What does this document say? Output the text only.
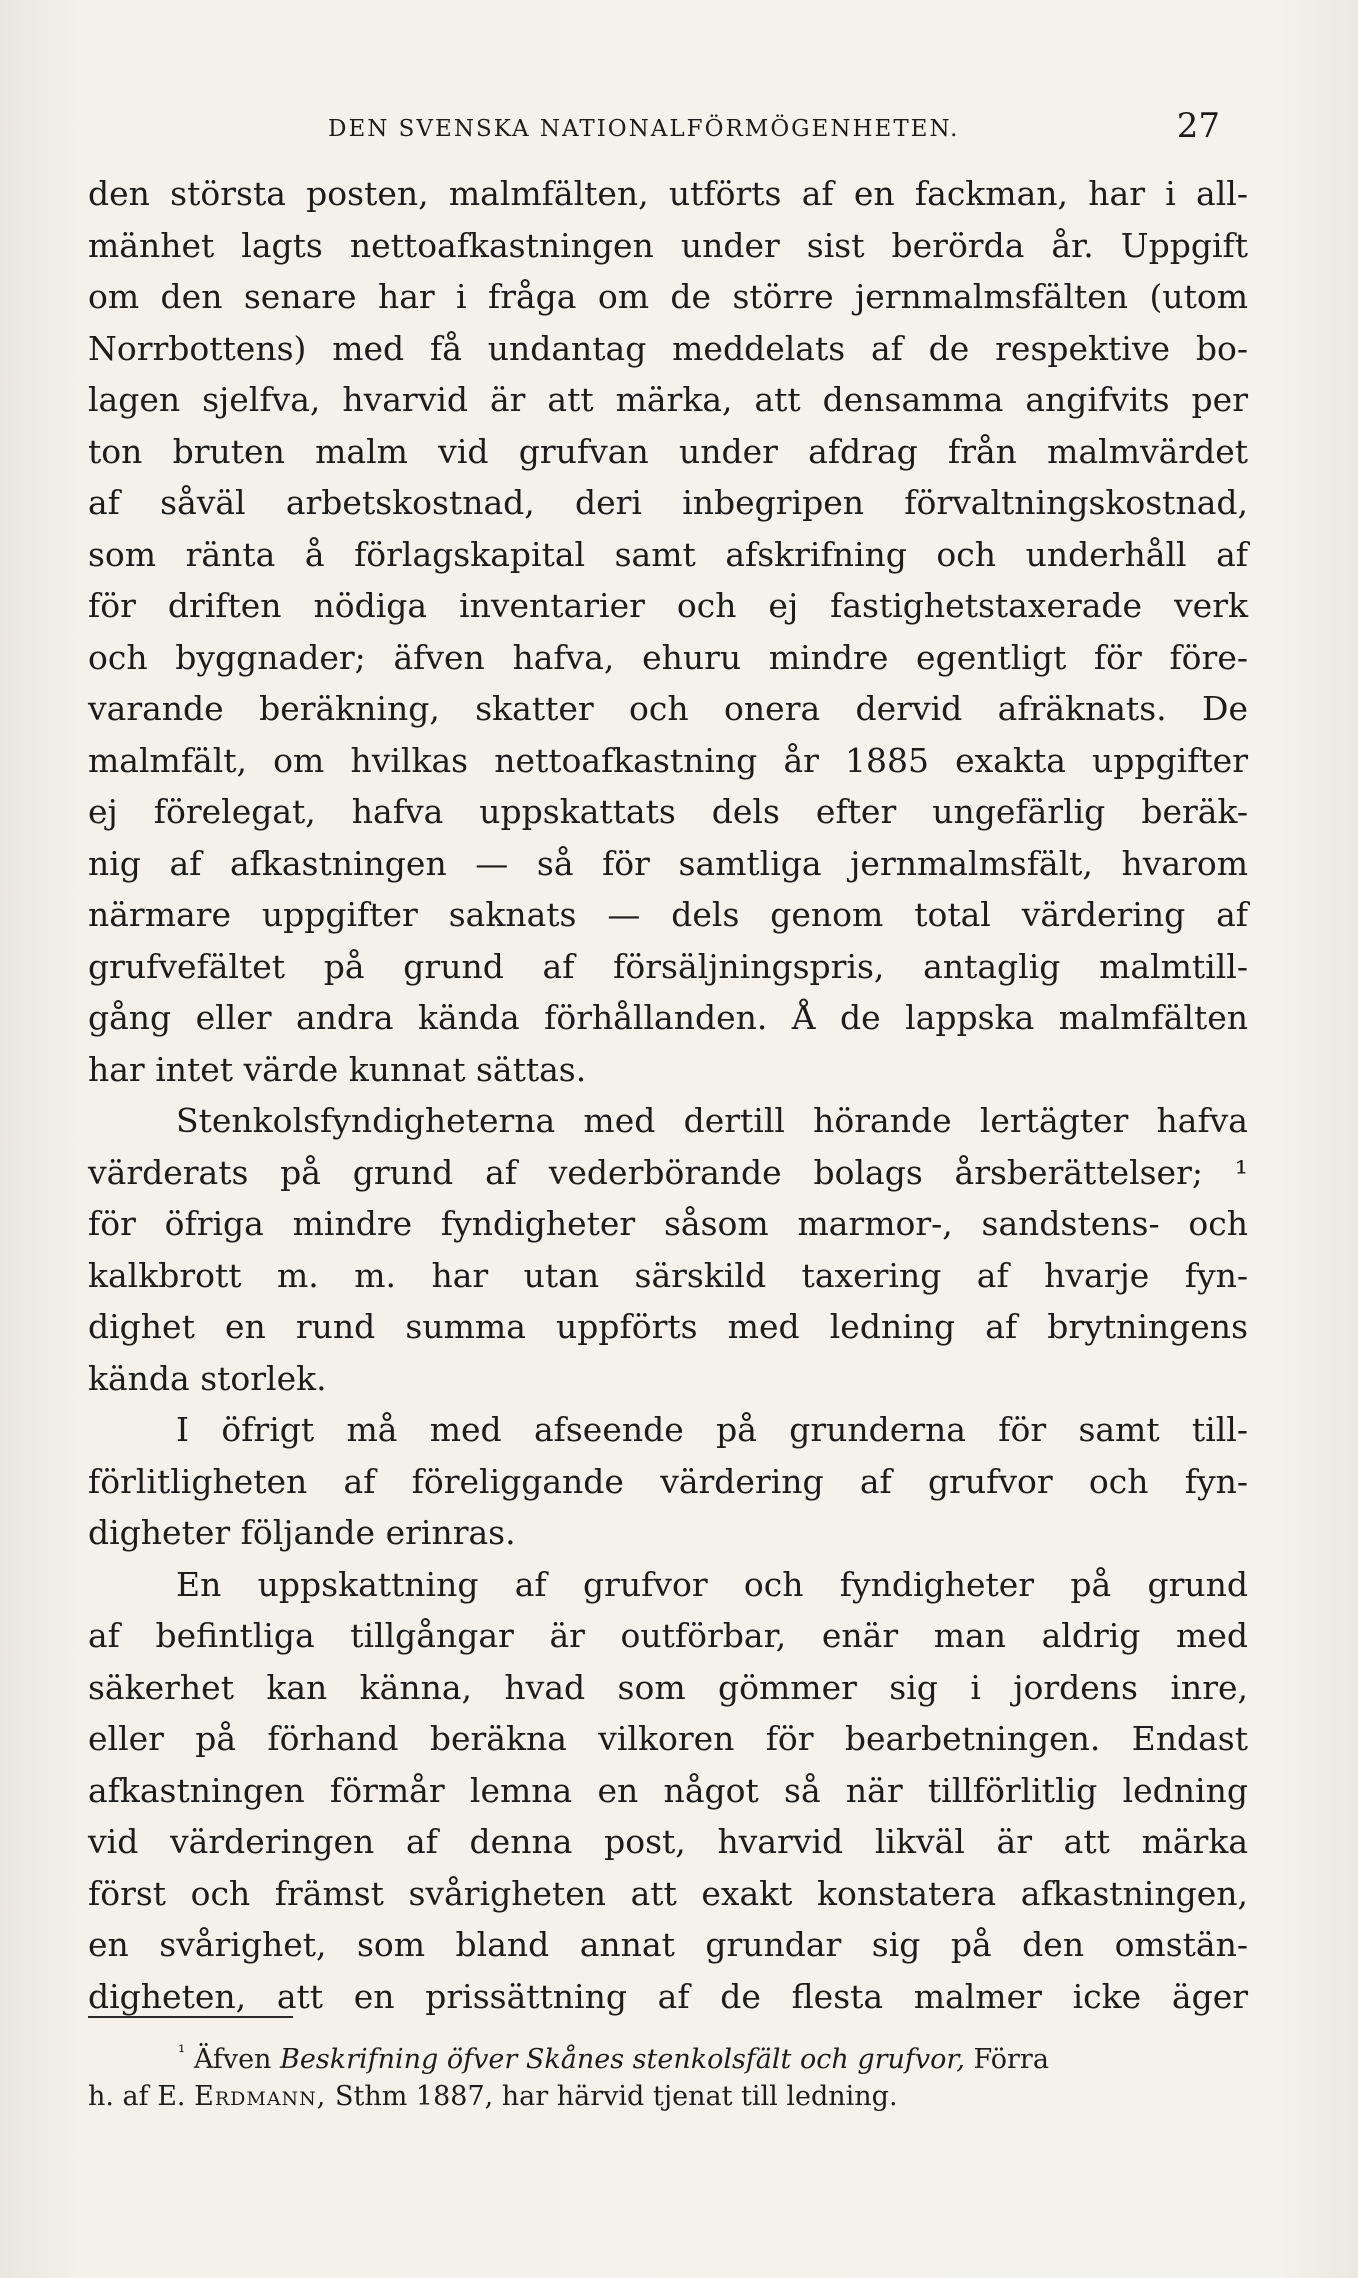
DEN SVENSKA NATIONALFÖRMÖGENHETEN.	27
den största posten, malmfälten, utförts af en fackman, har i all-
mänhet lagts nettoafkastningen under sist berörda år. Uppgift
om den senare har i fråga om de större jernmalmsfälten (utom
Norrbottens) med få undantag meddelats af de respektive bo-
lagen sjelfva, hvarvid är att märka, att densamma angifvits per
ton bruten malm vid grufvan under afdrag från malmvärdet
af såväl arbetskostnad, deri inbegripen förvaltningskostnad,
som ränta å förlagskapital samt afskrifning och underhåll af
för driften nödiga inventarier och ej fastighetstaxerade verk
och byggnader; äfven hafva, ehuru mindre egentligt för före-
varande beräkning, skatter och onera dervid afräknats. De
malmfält, om hvilkas nettoafkastning år 1885 exakta uppgifter
ej förelegat, hafva uppskattats dels efter ungefärlig beräk-
nig af afkastningen — så för samtliga jernmalmsfält, hvarom
närmare uppgifter saknats — dels genom total värdering af
grufvefältet på grund af försäljningspris, antaglig malmtill-
gång eller andra kända förhållanden. Å de lappska malmfälten
har intet värde kunnat sättas.
Stenkolsfyndigheterna med dertill hörande lertägter hafva
värderats på grund af vederbörande bolags årsberättelser; ¹
för öfriga mindre fyndigheter såsom marmor-, sandstens- och
kalkbrott m. m. har utan särskild taxering af hvarje fyn-
dighet en rund summa uppförts med ledning af brytningens
kända storlek.
I öfrigt må med afseende på grunderna för samt till-
förlitligheten af föreliggande värdering af grufvor och fyn-
digheter följande erinras.
En uppskattning af grufvor och fyndigheter på grund
af befintliga tillgångar är outförbar, enär man aldrig med
säkerhet kan känna, hvad som gömmer sig i jordens inre,
eller på förhand beräkna vilkoren för bearbetningen. Endast
afkastningen förmår lemna en något så när tillförlitlig ledning
vid värderingen af denna post, hvarvid likväl är att märka
först och främst svårigheten att exakt konstatera afkastningen,
en svårighet, som bland annat grundar sig på den omstän-
digheten, att en prissättning af de flesta malmer icke äger
$^{^1}$ Äfven Beskrifning öfver Skånes stenkolsfält och grufvor, Förra
h. af E. Erdmann, Sthm 1887, har härvid tjenat till ledning.
